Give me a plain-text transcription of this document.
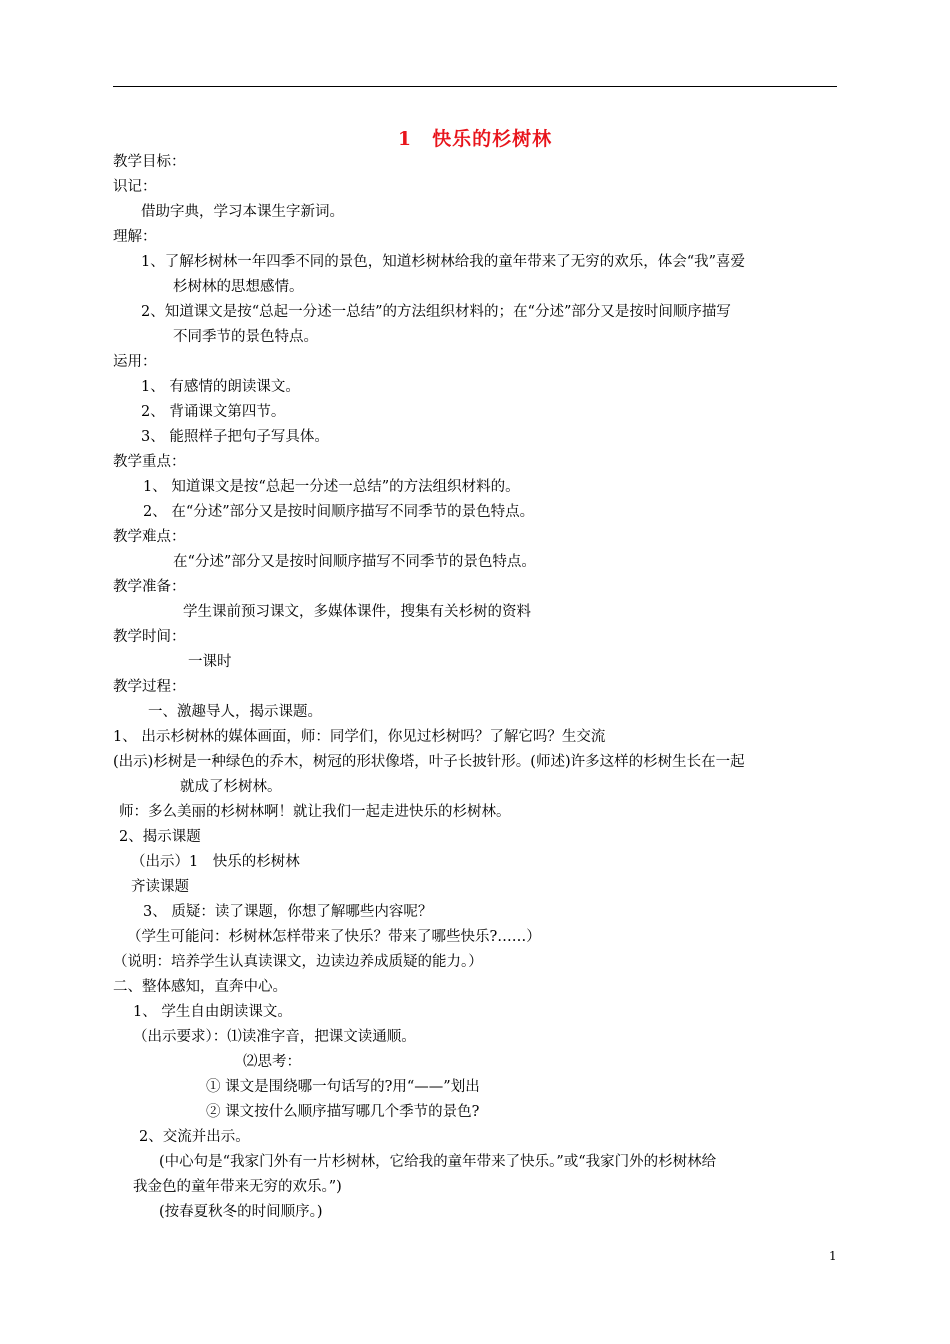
1　快乐的杉树林
教学目标：
识记：
借助字典，学习本课生字新词。
理解：
1、了解杉树林一年四季不同的景色，知道杉树林给我的童年带来了无穷的欢乐，体会“我”喜爱
杉树林的思想感情。
2、知道课文是按“总起一分述一总结”的方法组织材料的；在“分述”部分又是按时间顺序描写
不同季节的景色特点。
运用：
1、 有感情的朗读课文。
2、 背诵课文第四节。
3、 能照样子把句子写具体。
教学重点：
1、 知道课文是按“总起一分述一总结”的方法组织材料的。
2、 在“分述”部分又是按时间顺序描写不同季节的景色特点。
教学难点：
在“分述”部分又是按时间顺序描写不同季节的景色特点。
教学准备：
学生课前预习课文，多媒体课件，搜集有关杉树的资料
教学时间：
一课时
教学过程：
一、激趣导人，揭示课题。
1、 出示杉树林的媒体画面，师：同学们，你见过杉树吗？了解它吗？生交流
(出示)杉树是一种绿色的乔木，树冠的形状像塔，叶子长披针形。(师述)许多这样的杉树生长在一起
就成了杉树林。
师：多么美丽的杉树林啊！就让我们一起走进快乐的杉树林。
2、揭示课题
（出示）1　快乐的杉树林
齐读课题
3、 质疑：读了课题，你想了解哪些内容呢？
（学生可能问：杉树林怎样带来了快乐？带来了哪些快乐?……）
（说明：培养学生认真读课文，边读边养成质疑的能力。）
二、整体感知，直奔中心。
1、 学生自由朗读课文。
（出示要求）：⑴读准字音，把课文读通顺。
⑵思考：
① 课文是围绕哪一句话写的?用“——”划出
② 课文按什么顺序描写哪几个季节的景色?
2、交流并出示。
(中心句是“我家门外有一片杉树林，它给我的童年带来了快乐。”或“我家门外的杉树林给
我金色的童年带来无穷的欢乐。”)
(按春夏秋冬的时间顺序。)
1
